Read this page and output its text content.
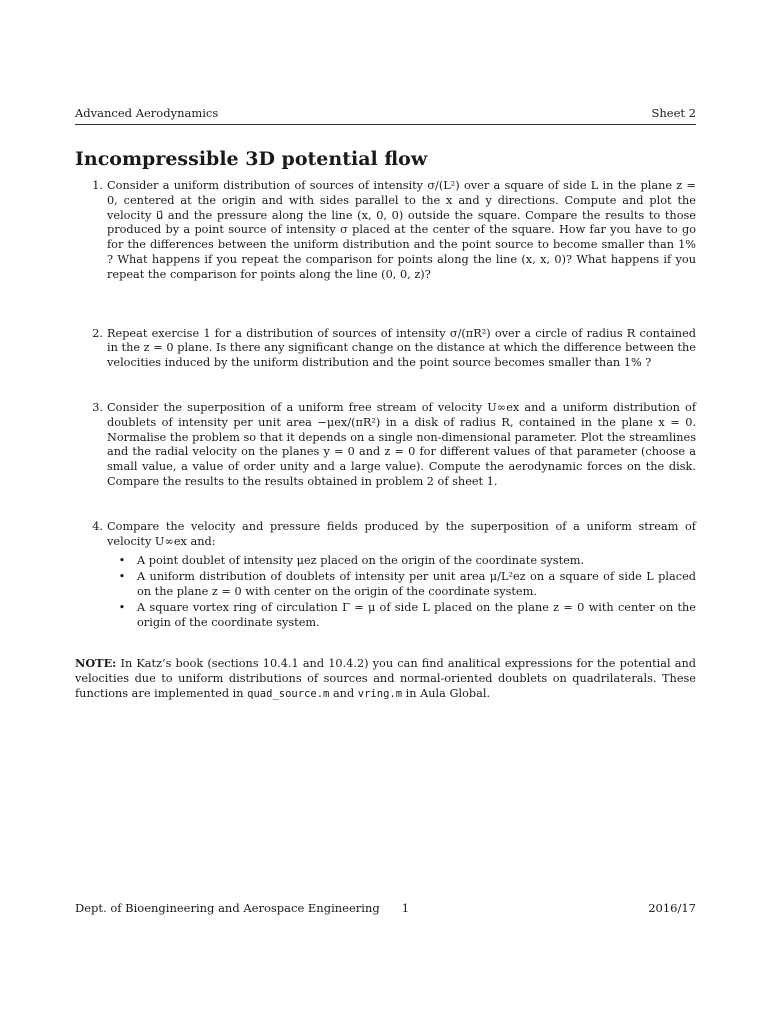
Advanced Aerodynamics	Sheet 2
Incompressible 3D potential flow
1. Consider a uniform distribution of sources of intensity σ/(L²) over a square of side L in the plane z = 0, centered at the origin and with sides parallel to the x and y directions. Compute and plot the velocity u⃗ and the pressure along the line (x, 0, 0) outside the square. Compare the results to those produced by a point source of intensity σ placed at the center of the square. How far you have to go for the differences between the uniform distribution and the point source to become smaller than 1% ? What happens if you repeat the comparison for points along the line (x, x, 0)? What happens if you repeat the comparison for points along the line (0, 0, z)?
2. Repeat exercise 1 for a distribution of sources of intensity σ/(πR²) over a circle of radius R contained in the z = 0 plane. Is there any significant change on the distance at which the difference between the velocities induced by the uniform distribution and the point source becomes smaller than 1% ?
3. Consider the superposition of a uniform free stream of velocity U∞ex and a uniform distribution of doublets of intensity per unit area −μex/(πR²) in a disk of radius R, contained in the plane x = 0. Normalise the problem so that it depends on a single non-dimensional parameter. Plot the streamlines and the radial velocity on the planes y = 0 and z = 0 for different values of that parameter (choose a small value, a value of order unity and a large value). Compute the aerodynamic forces on the disk. Compare the results to the results obtained in problem 2 of sheet 1.
4. Compare the velocity and pressure fields produced by the superposition of a uniform stream of velocity U∞ex and:
•	A point doublet of intensity μez placed on the origin of the coordinate system.
•	A uniform distribution of doublets of intensity per unit area μ/L²ez on a square of side L placed on the plane z = 0 with center on the origin of the coordinate system.
•	A square vortex ring of circulation Γ = μ of side L placed on the plane z = 0 with center on the origin of the coordinate system.
NOTE: In Katz’s book (sections 10.4.1 and 10.4.2) you can find analitical expressions for the potential and velocities due to uniform distributions of sources and normal-oriented doublets on quadrilaterals. These functions are implemented in quad_source.m and vring.m in Aula Global.
Dept. of Bioengineering and Aerospace Engineering 1	2016/17
